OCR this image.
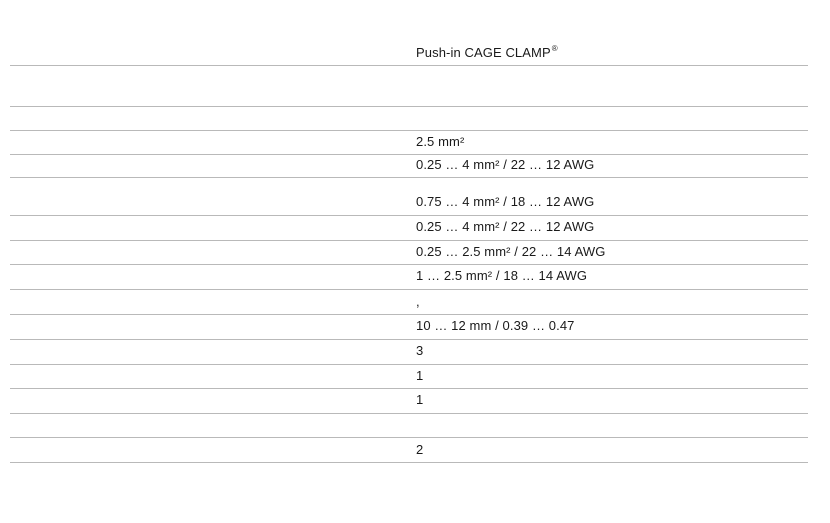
Push-in CAGE CLAMP®
2.5 mm²
0.25 … 4 mm² / 22 … 12 AWG
0.75 … 4 mm² / 18 … 12 AWG
0.25 … 4 mm² / 22 … 12 AWG
0.25 … 2.5 mm² / 22 … 14 AWG
1 … 2.5 mm² / 18 … 14 AWG
,
10 … 12 mm / 0.39 … 0.47
3
1
1
2
